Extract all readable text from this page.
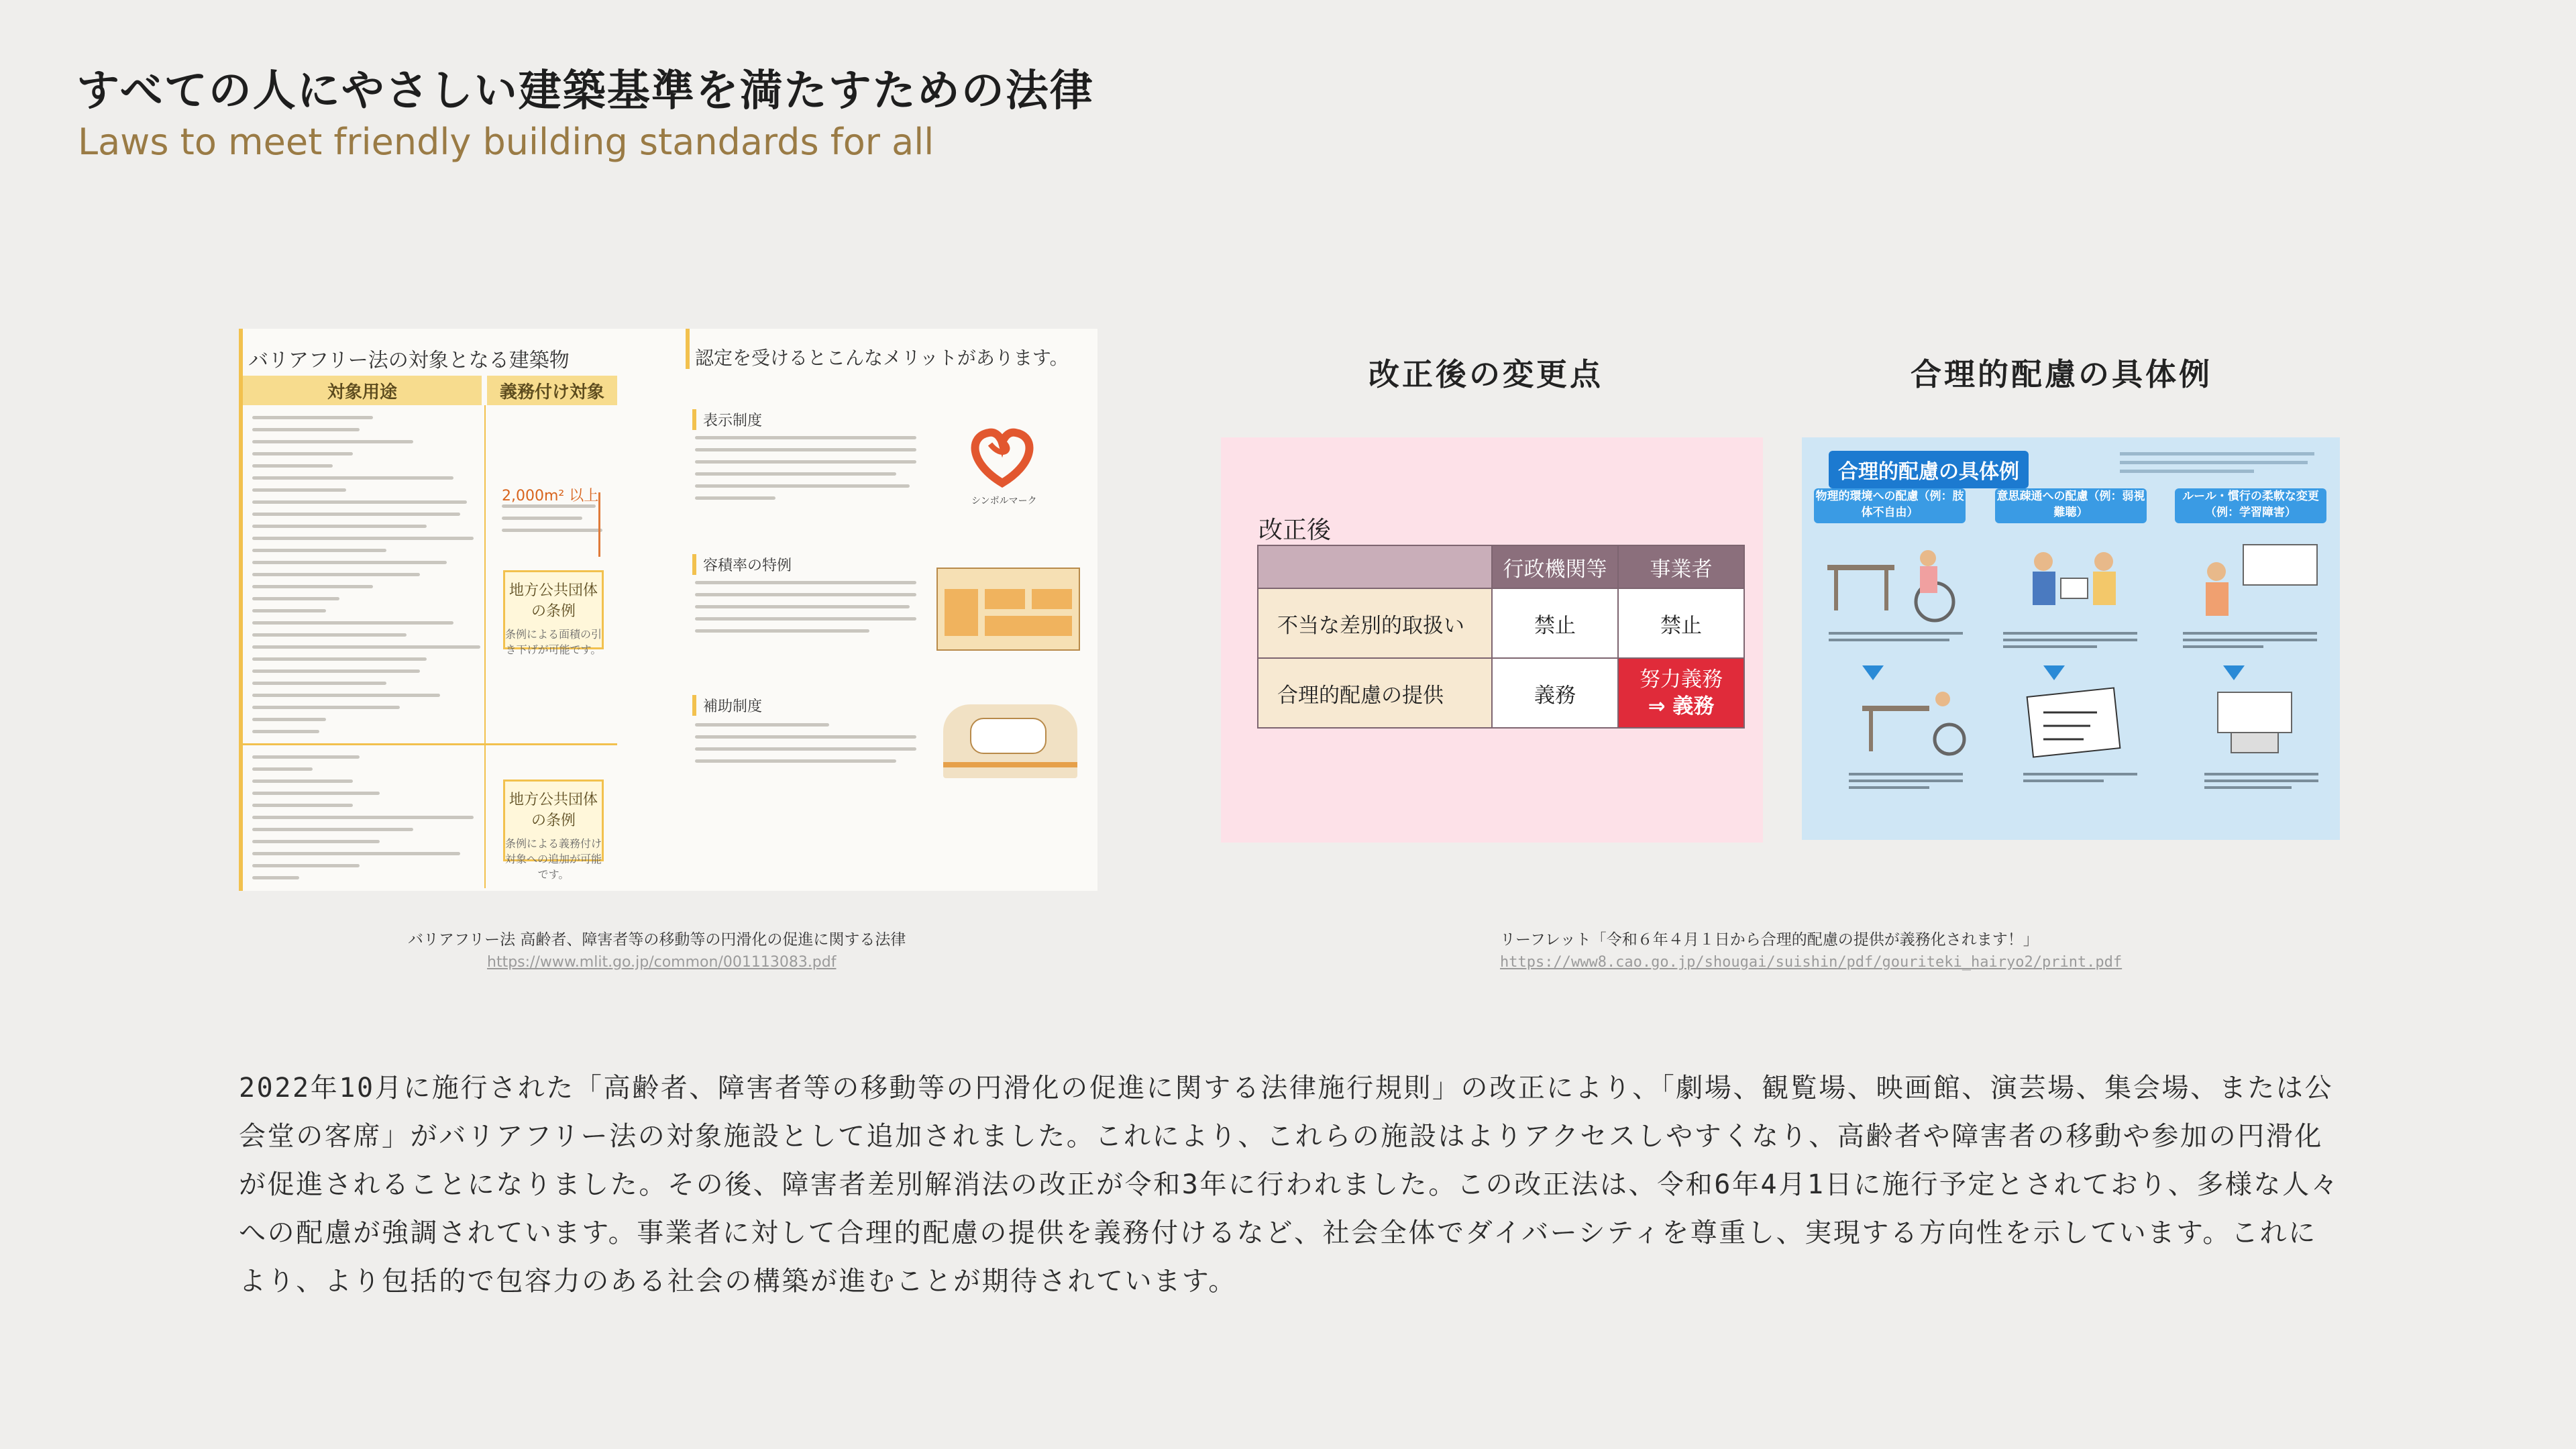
すべての人にやさしい建築基準を満たすための法律
Laws to meet friendly building standards for all
バリアフリー法の対象となる建築物
対象用途	義務付け対象
2,000m² 以上
地方公共団体の条例
条例による面積の引き下げが可能です。
地方公共団体の条例
条例による義務付け対象への追加が可能です。
認定を受けるとこんなメリットがあります。
表示制度
シンボルマーク
容積率の特例
補助制度
改正後の変更点	合理的配慮の具体例
改正後
	行政機関等	事業者
不当な差別的取扱い	禁止	禁止
合理的配慮の提供	義務	努力義務
⇒ 義務
合理的配慮の具体例
物理的環境への配慮（例：肢体不自由）
意思疎通への配慮（例：弱視難聴）
ルール・慣行の柔軟な変更（例：学習障害）
バリアフリー法 高齢者、障害者等の移動等の円滑化の促進に関する法律
https://www.mlit.go.jp/common/001113083.pdf
リーフレット「令和６年４月１日から合理的配慮の提供が義務化されます！」
https://www8.cao.go.jp/shougai/suishin/pdf/gouriteki_hairyo2/print.pdf
2022年10月に施行された「高齢者、障害者等の移動等の円滑化の促進に関する法律施行規則」の改正により、「劇場、観覧場、映画館、演芸場、集会場、または公会堂の客席」がバリアフリー法の対象施設として追加されました。これにより、これらの施設はよりアクセスしやすくなり、高齢者や障害者の移動や参加の円滑化が促進されることになりました。その後、障害者差別解消法の改正が令和3年に行われました。この改正法は、令和6年4月1日に施行予定とされており、多様な人々への配慮が強調されています。事業者に対して合理的配慮の提供を義務付けるなど、社会全体でダイバーシティを尊重し、実現する方向性を示しています。これにより、より包括的で包容力のある社会の構築が進むことが期待されています。
